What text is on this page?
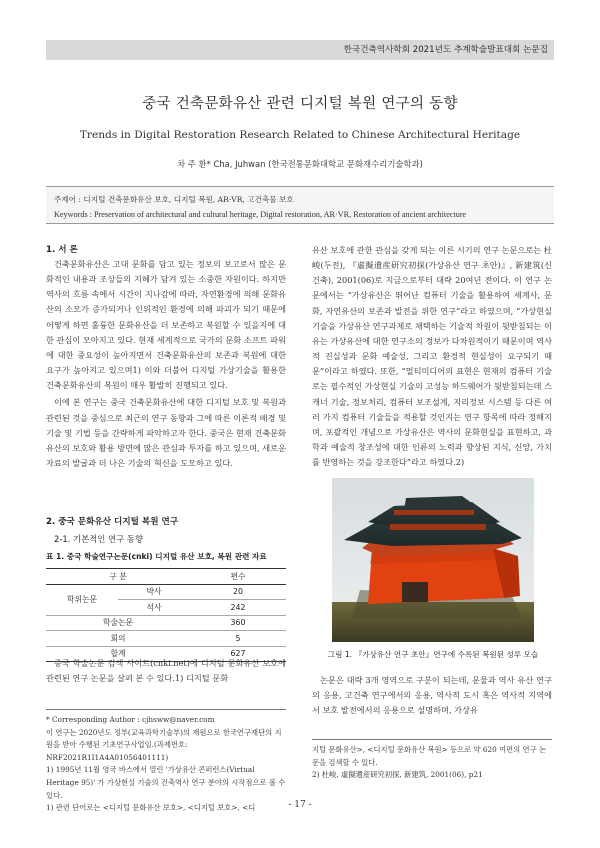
한국건축역사학회 2021년도 추계학술발표대회 논문집
중국 건축문화유산 관련 디지털 복원 연구의 동향
Trends in Digital Restoration Research Related to Chinese Architectural Heritage
차 주 환* Cha, Juhwan (한국전통문화대학교 문화재수리기술학과)
주제어 : 디지털 건축문화유산 보호, 디지털 복원, AR·VR, 고건축물 보호
Keywords : Preservation of architectural and cultural heritage, Digital restoration, AR·VR, Restoration of ancient architecture
1. 서 론
건축문화유산은 고대 문화를 담고 있는 정보의 보고로서 많은 문화적인 내용과 조상들의 지혜가 담겨 있는 소중한 자원이다. 하지만 역사의 흐름 속에서 시간이 지나감에 따라, 자연환경에 의해 문화유산의 소모가 증가되거나 인위적인 환경에 의해 파괴가 되기 때문에 어떻게 하면 훌륭한 문화유산을 더 보존하고 복원할 수 있을지에 대한 관심이 모아지고 있다. 현재 세계적으로 국가의 문화 소프트 파워에 대한 중요성이 높아지면서 건축문화유산의 보존과 복원에 대한 요구가 높아지고 있으며1) 이와 더불어 디지털 가상기술을 활용한 건축문화유산의 복원이 매우 활발히 진행되고 있다.
이에 본 연구는 중국 건축문화유산에 대한 디지털 보호 및 복원과 관련된 것을 중심으로 최근의 연구 동향과 그에 따른 이론적 배경 및 기술 및 기법 등을 간략하게 파악하고자 한다. 중국은 현재 건축문화유산의 보호와 활용 방면에 많은 관심과 투자를 하고 있으며, 새로운 자료의 발굴과 더 나은 기술의 혁신을 도모하고 있다.
2. 중국 문화유산 디지털 복원 연구
2-1. 기본적인 연구 동향
표 1. 중국 학술연구논문(cnki) 디지털 유산 보호, 복원 관련 자료
구 분		편수
학위논문	박사	20
	석사	242
학술논문		360
회의		5
합계		627
중국 학술논문 검색 사이트(cnki.net)에 디지털 문화유산 보호에 관련된 연구 논문을 살펴 본 수 있다.1) 디지털 문화
* Corresponding Author : cjhsww@naver.com
이 연구는 2020년도 정부(교육과학기술부)의 재원으로 한국연구재단의 지원을 받아 수행된 기초연구사업임.(과제번호: NRF2021R1I1A4A01056401111)
1) 1995년 11월 영국 바스에서 열린 '가상유산 콘퍼런스(Virtual Heritage 95)' 가 가상현실 기술의 건축역사 연구 분야의 시작점으로 볼 수 있다.
1) 관련 단어로는 <디지털 문화유산 보호>, <디지털 보호>, <디
유산 보호에 관한 관심을 갖게 되는 이른 시기의 연구 논문으로는 杜峻(두전), 『虛擬遺産研究初探(가상유산 연구 초안)』, 新建筑(신건축), 2001(06)로 지금으로부터 대략 20여년 전이다. 이 연구 논문에서는 “가상유산은 뛰어난 컴퓨터 기술을 활용하여 세계사, 문화, 자연유산의 보존과 발전을 위한 연구”라고 하였으며, “가상현실 기술을 가상유산 연구과제로 채택하는 기술적 차원이 뒷받침되는 이유는 가상유산에 대한 연구소의 정보가 다차원적이기 때문이며 역사적 진실성과 문화 예술성, 그리고 환경적 현실성이 요구되기 때문”이라고 하였다. 또한, “멀티미디어의 표현은 현재의 컴퓨터 기술로는 필수적인 가상현실 기술의 고성능 하드웨어가 뒷받침되는데 스캐너 기술, 정보처리, 컴퓨터 보조설계, 지리정보 시스템 등 다른 여러 가지 컴퓨터 기술들을 적용할 것인지는 연구 항목에 따라 정해지며, 포괄적인 개념으로 가상유산은 역사의 문화현실을 표현하고, 과학과 예술적 창조성에 대한 인류의 노력과 향상된 지식, 신앙, 가치를 반영하는 것을 강조한다”라고 하였다.2)
그림 1. 『가상유산 연구 초안』연구에 수록된 복원된 성루 모습
논문은 대략 3개 영역으로 구분이 되는데, 문물과 역사 유산 연구의 응용, 고건축 연구에서의 응용, 역사적 도시 혹은 역사적 지역에서 보호 발전에서의 응용으로 설명하며, 가상유
지털 문화유산>, <디지털 문화유산 복원> 등으로 약 620 여편의 연구 논문을 검색할 수 있다.
2) 杜峻, 虛擬遺産研究初探, 新建筑, 2001(06), p21
- 17 -
